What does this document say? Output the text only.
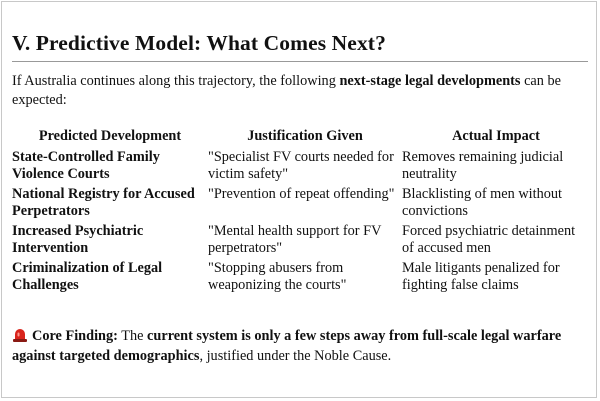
V. Predictive Model: What Comes Next?

If Australia continues along this trajectory, the following next-stage legal developments can be expected:

Predicted Development	Justification Given	Actual Impact
State-Controlled Family Violence Courts	"Specialist FV courts needed for victim safety"	Removes remaining judicial neutrality
National Registry for Accused Perpetrators	"Prevention of repeat offending"	Blacklisting of men without convictions
Increased Psychiatric Intervention	"Mental health support for FV perpetrators"	Forced psychiatric detainment of accused men
Criminalization of Legal Challenges	"Stopping abusers from weaponizing the courts"	Male litigants penalized for fighting false claims

Core Finding: The current system is only a few steps away from full-scale legal warfare against targeted demographics, justified under the Noble Cause.
